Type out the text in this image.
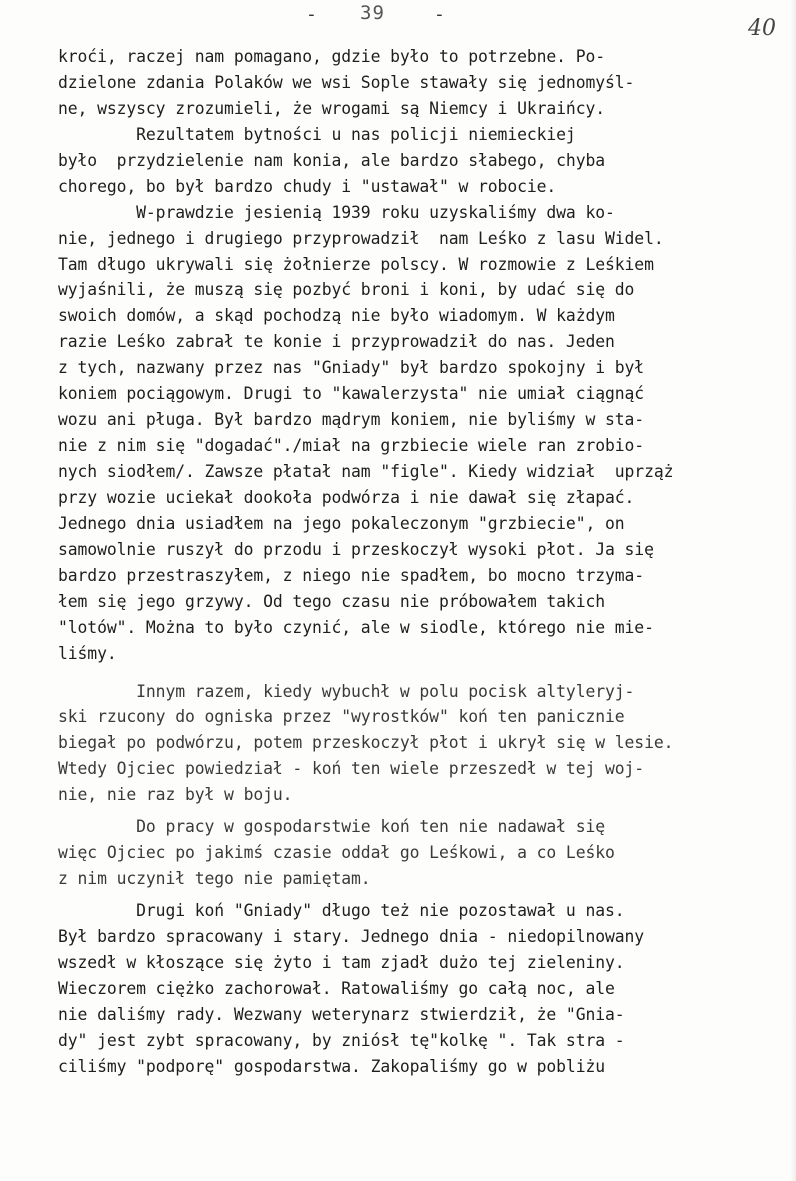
- 39	-
40
kroći, raczej nam pomagano, gdzie było to potrzebne. Po-
dzielone zdania Polaków we wsi Sople stawały się jednomyśl-
ne, wszyscy zrozumieli, że wrogami są Niemcy i Ukraińcy.
Rezultatem bytności u nas policji niemieckiej
było  przydzielenie nam konia, ale bardzo słabego, chyba
chorego, bo był bardzo chudy i "ustawał" w robocie.
W-prawdzie jesienią 1939 roku uzyskaliśmy dwa ko-
nie, jednego i drugiego przyprowadził  nam Leśko z lasu Widel.
Tam długo ukrywali się żołnierze polscy. W rozmowie z Leśkiem
wyjaśnili, że muszą się pozbyć broni i koni, by udać się do
swoich domów, a skąd pochodzą nie było wiadomym. W każdym
razie Leśko zabrał te konie i przyprowadził do nas. Jeden
z tych, nazwany przez nas "Gniady" był bardzo spokojny i był
koniem pociągowym. Drugi to "kawalerzysta" nie umiał ciągnąć
wozu ani pługa. Był bardzo mądrym koniem, nie byliśmy w sta-
nie z nim się "dogadać"./miał na grzbiecie wiele ran zrobio-
nych siodłem/. Zawsze płatał nam "figle". Kiedy widział  uprząż
przy wozie uciekał dookoła podwórza i nie dawał się złapać.
Jednego dnia usiadłem na jego pokaleczonym "grzbiecie", on
samowolnie ruszył do przodu i przeskoczył wysoki płot. Ja się
bardzo przestraszyłem, z niego nie spadłem, bo mocno trzyma-
łem się jego grzywy. Od tego czasu nie próbowałem takich
"lotów". Można to było czynić, ale w siodle, którego nie mie-
liśmy.
Innym razem, kiedy wybuchł w polu pocisk altyleryj-
ski rzucony do ogniska przez "wyrostków" koń ten panicznie
biegał po podwórzu, potem przeskoczył płot i ukrył się w lesie.
Wtedy Ojciec powiedział - koń ten wiele przeszedł w tej woj-
nie, nie raz był w boju.
Do pracy w gospodarstwie koń ten nie nadawał się
więc Ojciec po jakimś czasie oddał go Leśkowi, a co Leśko
z nim uczynił tego nie pamiętam.
Drugi koń "Gniady" długo też nie pozostawał u nas.
Był bardzo spracowany i stary. Jednego dnia - niedopilnowany
wszedł w kłoszące się żyto i tam zjadł dużo tej zieleniny.
Wieczorem ciężko zachorował. Ratowaliśmy go całą noc, ale
nie daliśmy rady. Wezwany weterynarz stwierdził, że "Gnia-
dy" jest zybt spracowany, by zniósł tę"kolkę ". Tak stra -
ciliśmy "podporę" gospodarstwa. Zakopaliśmy go w pobliżu
